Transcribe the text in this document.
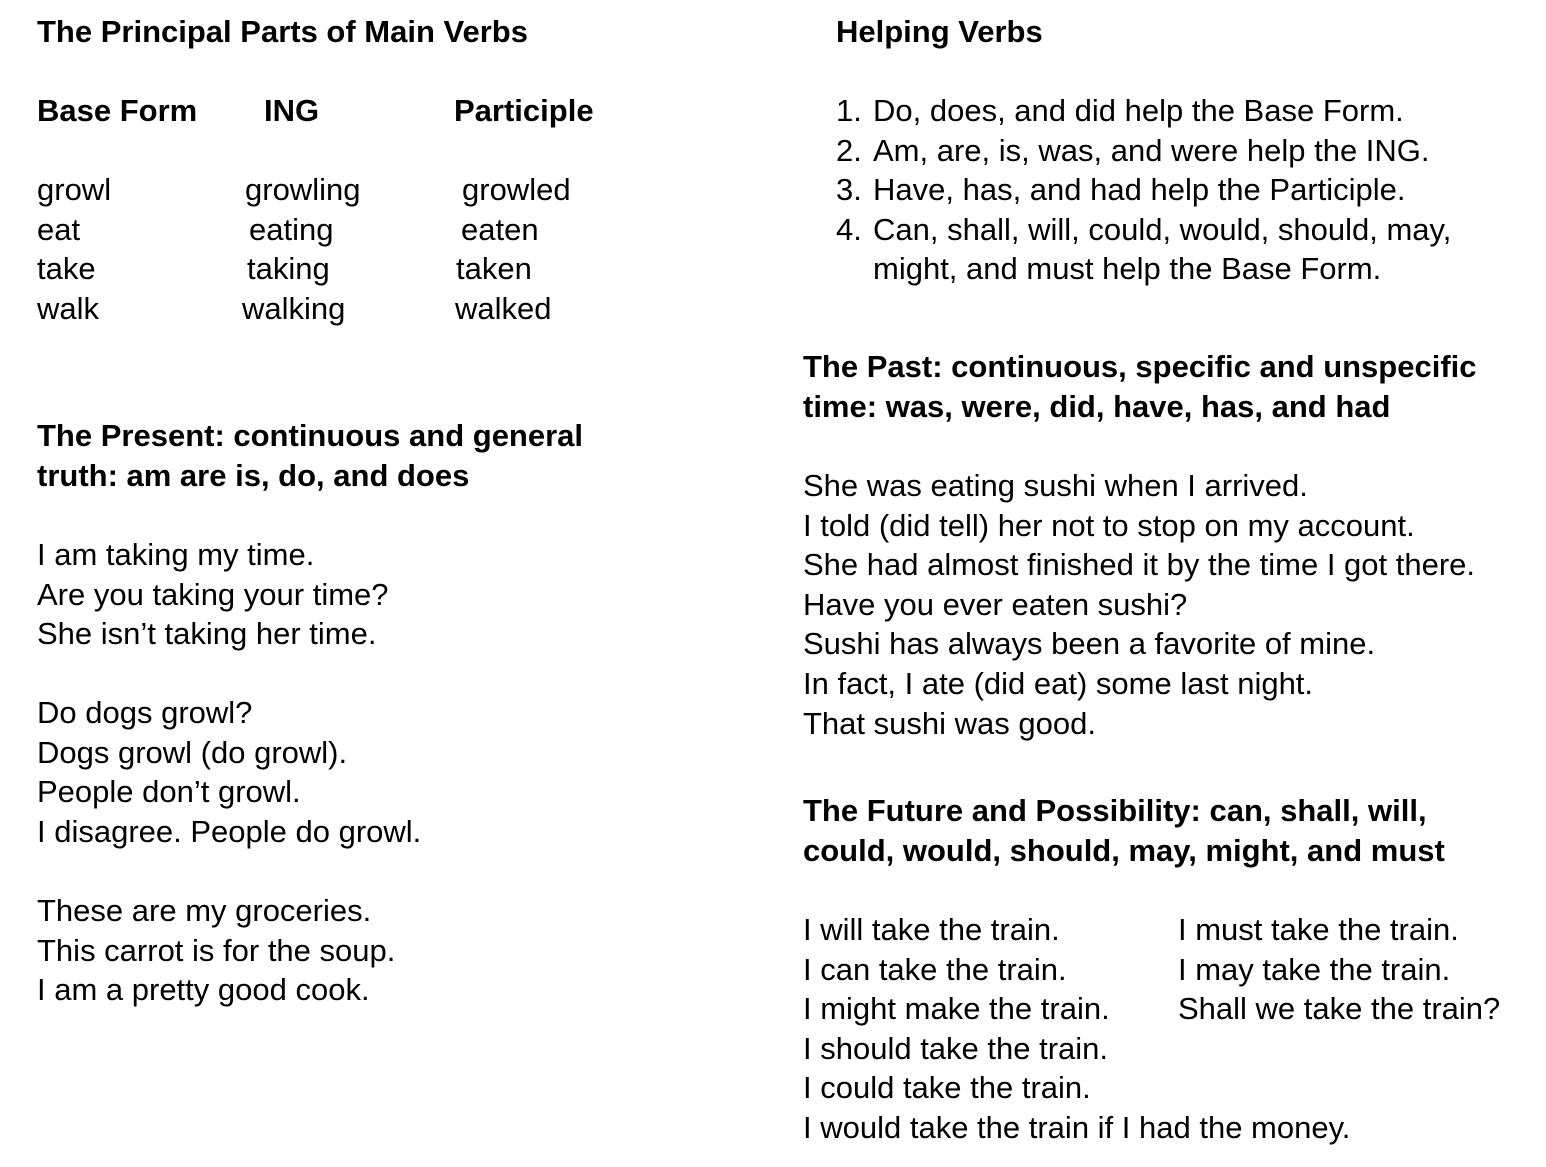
The Principal Parts of Main Verbs
Base Form ING	Participle
growl	growling	growled
eat	eating	eaten
take	taking	taken
walk	walking	walked
The Present: continuous and general
truth: am are is, do, and does
I am taking my time.
Are you taking your time?
She isn’t taking her time.
Do dogs growl?
Dogs growl (do growl).
People don’t growl.
I disagree. People do growl.
These are my groceries.
This carrot is for the soup.
I am a pretty good cook.
Helping Verbs
1. Do, does, and did help the Base Form.
2. Am, are, is, was, and were help the ING.
3. Have, has, and had help the Participle.
4. Can, shall, will, could, would, should, may,
might, and must help the Base Form.
The Past: continuous, specific and unspecific
time: was, were, did, have, has, and had
She was eating sushi when I arrived.
I told (did tell) her not to stop on my account.
She had almost finished it by the time I got there.
Have you ever eaten sushi?
Sushi has always been a favorite of mine.
In fact, I ate (did eat) some last night.
That sushi was good.
The Future and Possibility: can, shall, will,
could, would, should, may, might, and must
I will take the train.
I can take the train.
I might make the train.
I should take the train.
I could take the train.
I would take the train if I had the money.
I must take the train.
I may take the train.
Shall we take the train?
